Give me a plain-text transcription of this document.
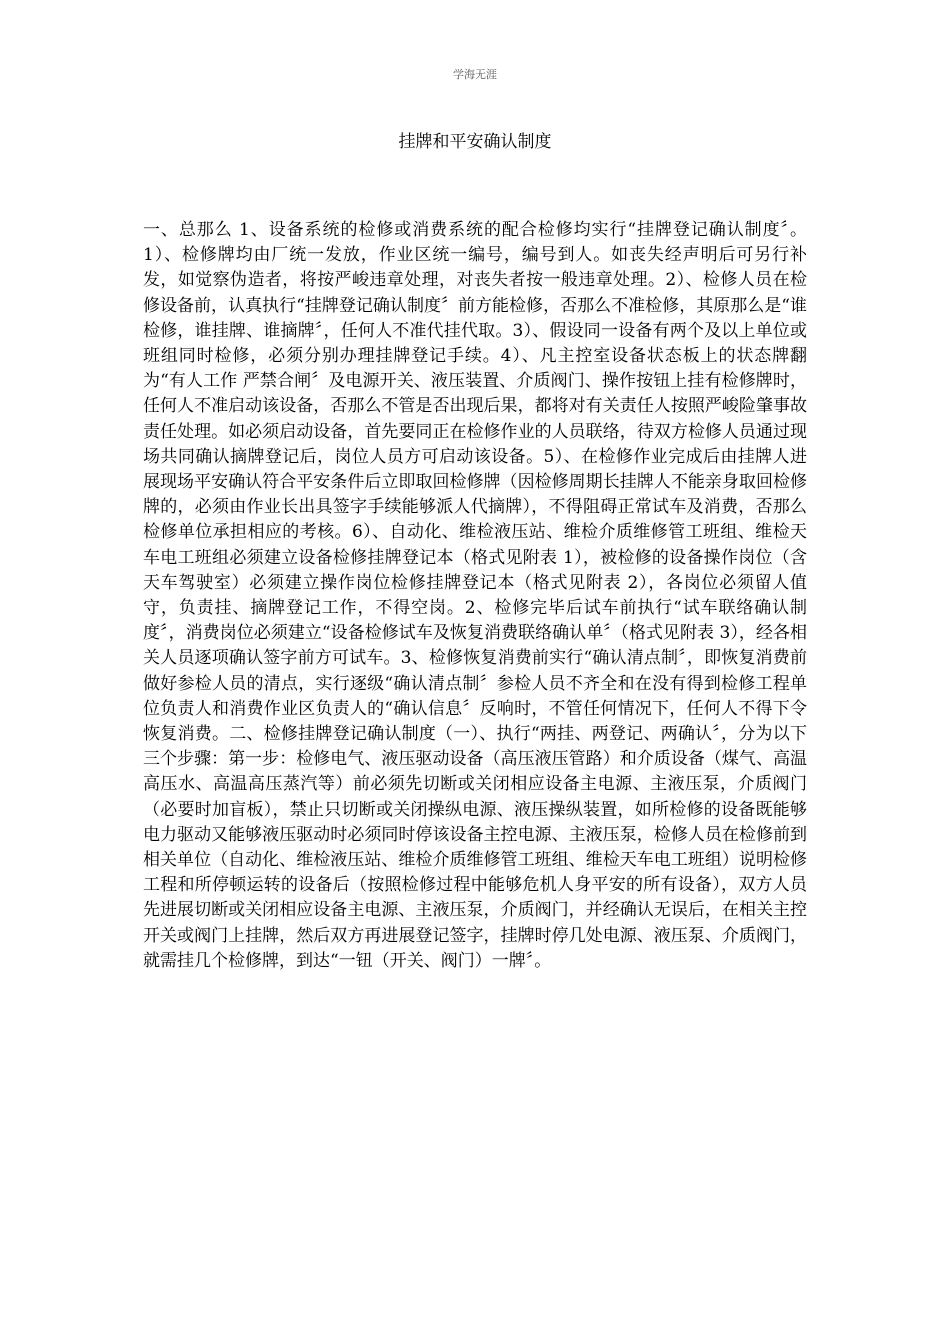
学海无涯
挂牌和平安确认制度

一、总那么 1、设备系统的检修或消费系统的配合检修均实行“挂牌登记确认制度〞。1）、检修牌均由厂统一发放，作业区统一编号，编号到人。如丧失经声明后可另行补发，如觉察伪造者，将按严峻违章处理，对丧失者按一般违章处理。2）、检修人员在检修设备前，认真执行“挂牌登记确认制度〞前方能检修，否那么不准检修，其原那么是“谁检修，谁挂牌、谁摘牌〞，任何人不准代挂代取。3）、假设同一设备有两个及以上单位或班组同时检修，必须分别办理挂牌登记手续。4）、凡主控室设备状态板上的状态牌翻为“有人工作 严禁合闸〞及电源开关、液压装置、介质阀门、操作按钮上挂有检修牌时，任何人不准启动该设备，否那么不管是否出现后果，都将对有关责任人按照严峻险肇事故责任处理。如必须启动设备，首先要同正在检修作业的人员联络，待双方检修人员通过现场共同确认摘牌登记后，岗位人员方可启动该设备。5）、在检修作业完成后由挂牌人进展现场平安确认符合平安条件后立即取回检修牌（因检修周期长挂牌人不能亲身取回检修牌的，必须由作业长出具签字手续能够派人代摘牌），不得阻碍正常试车及消费，否那么检修单位承担相应的考核。6）、自动化、维检液压站、维检介质维修管工班组、维检天车电工班组必须建立设备检修挂牌登记本（格式见附表 1），被检修的设备操作岗位（含天车驾驶室）必须建立操作岗位检修挂牌登记本（格式见附表 2），各岗位必须留人值守，负责挂、摘牌登记工作，不得空岗。2、检修完毕后试车前执行“试车联络确认制度〞，消费岗位必须建立“设备检修试车及恢复消费联络确认单〞（格式见附表 3），经各相关人员逐项确认签字前方可试车。3、检修恢复消费前实行“确认清点制〞，即恢复消费前做好参检人员的清点，实行逐级“确认清点制〞参检人员不齐全和在没有得到检修工程单位负责人和消费作业区负责人的“确认信息〞反响时，不管任何情况下，任何人不得下令恢复消费。二、检修挂牌登记确认制度（一）、执行“两挂、两登记、两确认〞，分为以下三个步骤：第一步：检修电气、液压驱动设备（高压液压管路）和介质设备（煤气、高温高压水、高温高压蒸汽等）前必须先切断或关闭相应设备主电源、主液压泵，介质阀门（必要时加盲板），禁止只切断或关闭操纵电源、液压操纵装置，如所检修的设备既能够电力驱动又能够液压驱动时必须同时停该设备主控电源、主液压泵，检修人员在检修前到相关单位（自动化、维检液压站、维检介质维修管工班组、维检天车电工班组）说明检修工程和所停顿运转的设备后（按照检修过程中能够危机人身平安的所有设备），双方人员先进展切断或关闭相应设备主电源、主液压泵，介质阀门，并经确认无误后，在相关主控开关或阀门上挂牌，然后双方再进展登记签字，挂牌时停几处电源、液压泵、介质阀门，就需挂几个检修牌，到达“一钮（开关、阀门）一牌〞。
